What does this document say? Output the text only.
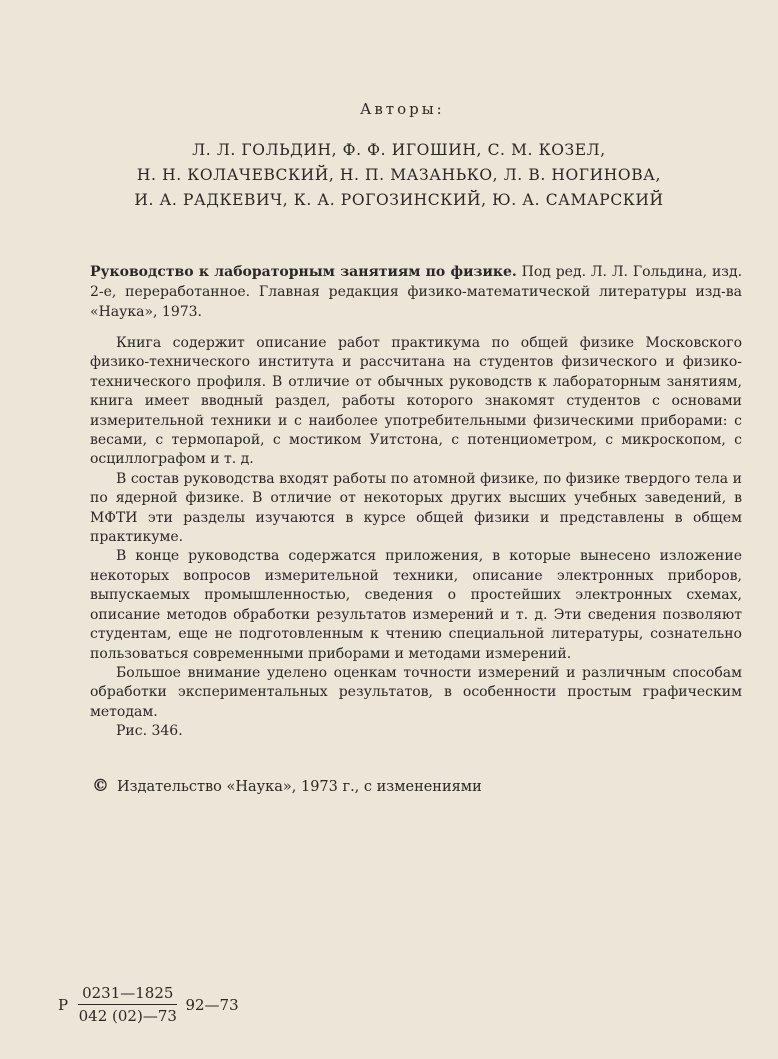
Авторы:
Л. Л. ГОЛЬДИН, Ф. Ф. ИГОШИН, С. М. КОЗЕЛ,
Н. Н. КОЛАЧЕВСКИЙ, Н. П. МАЗАНЬКО, Л. В. НОГИНОВА,
И. А. РАДКЕВИЧ, К. А. РОГОЗИНСКИЙ, Ю. А. САМАРСКИЙ
Руководство к лабораторным занятиям по физике. Под ред. Л. Л. Гольдина, изд. 2-е, переработанное. Главная редакция физико-математической литературы изд-ва «Наука», 1973.

Книга содержит описание работ практикума по общей физике Московского физико-технического института и рассчитана на студентов физического и физико-технического профиля. В отличие от обычных руководств к лабораторным занятиям, книга имеет вводный раздел, работы которого знакомят студентов с основами измерительной техники и с наиболее употребительными физическими приборами: с весами, с термопарой, с мостиком Уитстона, с потенциометром, с микроскопом, с осциллографом и т. д.

В состав руководства входят работы по атомной физике, по физике твердого тела и по ядерной физике. В отличие от некоторых других высших учебных заведений, в МФТИ эти разделы изучаются в курсе общей физики и представлены в общем практикуме.

В конце руководства содержатся приложения, в которые вынесено изложение некоторых вопросов измерительной техники, описание электронных приборов, выпускаемых промышленностью, сведения о простейших электронных схемах, описание методов обработки результатов измерений и т. д. Эти сведения позволяют студентам, еще не подготовленным к чтению специальной литературы, сознательно пользоваться современными приборами и методами измерений.

Большое внимание уделено оценкам точности измерений и различным способам обработки экспериментальных результатов, в особенности простым графическим методам.

Рис. 346.

© Издательство «Наука», 1973 г., с изменениями
Р $\frac{0231—1825}{042 (02)—73}$ 92—73
